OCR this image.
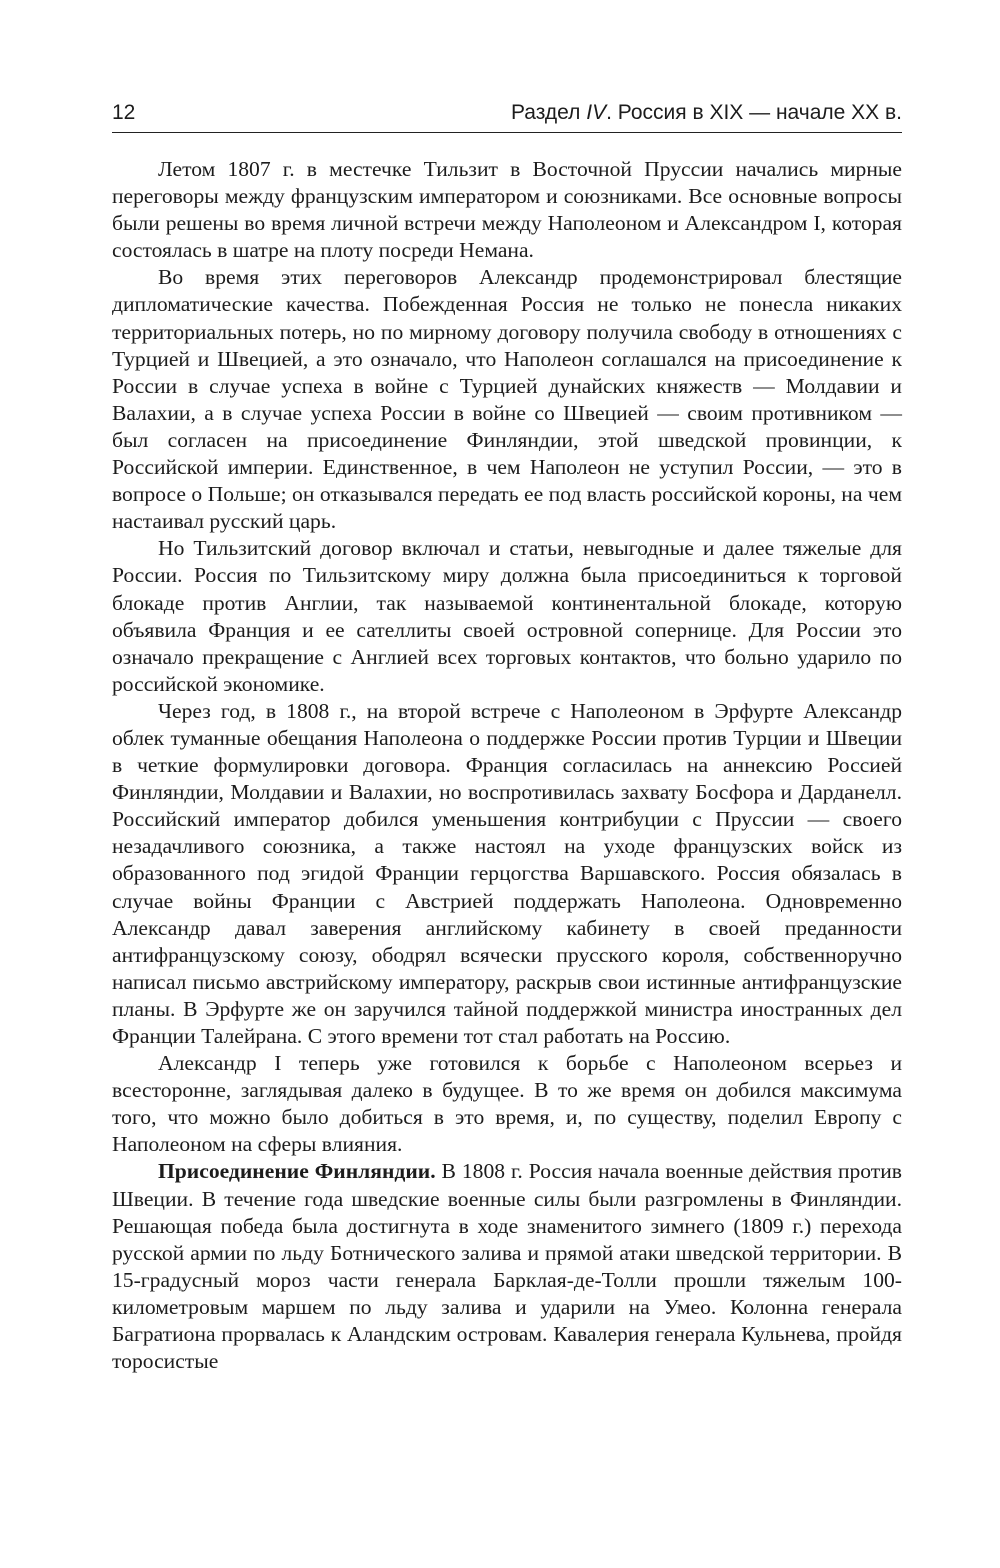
12	Раздел IV. Россия в XIX — начале XX в.

Летом 1807 г. в местечке Тильзит в Восточной Пруссии начались мирные переговоры между французским императором и союзниками. Все основные вопросы были решены во время личной встречи между Наполеоном и Александром I, которая состоялась в шатре на плоту посреди Немана.

Во время этих переговоров Александр продемонстрировал блестящие дипломатические качества. Побежденная Россия не только не понесла никаких территориальных потерь, но по мирному договору получила свободу в отношениях с Турцией и Швецией, а это означало, что Наполеон соглашался на присоединение к России в случае успеха в войне с Турцией дунайских княжеств — Молдавии и Валахии, а в случае успеха России в войне со Швецией — своим противником — был согласен на присоединение Финляндии, этой шведской провинции, к Российской империи. Единственное, в чем Наполеон не уступил России, — это в вопросе о Польше; он отказывался передать ее под власть российской короны, на чем настаивал русский царь.

Но Тильзитский договор включал и статьи, невыгодные и далее тяжелые для России. Россия по Тильзитскому миру должна была присоединиться к торговой блокаде против Англии, так называемой континентальной блокаде, которую объявила Франция и ее сателлиты своей островной сопернице. Для России это означало прекращение с Англией всех торговых контактов, что больно ударило по российской экономике.

Через год, в 1808 г., на второй встрече с Наполеоном в Эрфурте Александр облек туманные обещания Наполеона о поддержке России против Турции и Швеции в четкие формулировки договора. Франция согласилась на аннексию Россией Финляндии, Молдавии и Валахии, но воспротивилась захвату Босфора и Дарданелл. Российский император добился уменьшения контрибуции с Пруссии — своего незадачливого союзника, а также настоял на уходе французских войск из образованного под эгидой Франции герцогства Варшавского. Россия обязалась в случае войны Франции с Австрией поддержать Наполеона. Одновременно Александр давал заверения английскому кабинету в своей преданности антифранцузскому союзу, ободрял всячески прусского короля, собственноручно написал письмо австрийскому императору, раскрыв свои истинные антифранцузские планы. В Эрфурте же он заручился тайной поддержкой министра иностранных дел Франции Талейрана. С этого времени тот стал работать на Россию.

Александр I теперь уже готовился к борьбе с Наполеоном всерьез и всесторонне, заглядывая далеко в будущее. В то же время он добился максимума того, что можно было добиться в это время, и, по существу, поделил Европу с Наполеоном на сферы влияния.

Присоединение Финляндии. В 1808 г. Россия начала военные действия против Швеции. В течение года шведские военные силы были разгромлены в Финляндии. Решающая победа была достигнута в ходе знаменитого зимнего (1809 г.) перехода русской армии по льду Ботнического залива и прямой атаки шведской территории. В 15-градусный мороз части генерала Барклая-де-Толли прошли тяжелым 100-километровым маршем по льду залива и ударили на Умео. Колонна генерала Багратиона прорвалась к Аландским островам. Кавалерия генерала Кульнева, пройдя торосистые
